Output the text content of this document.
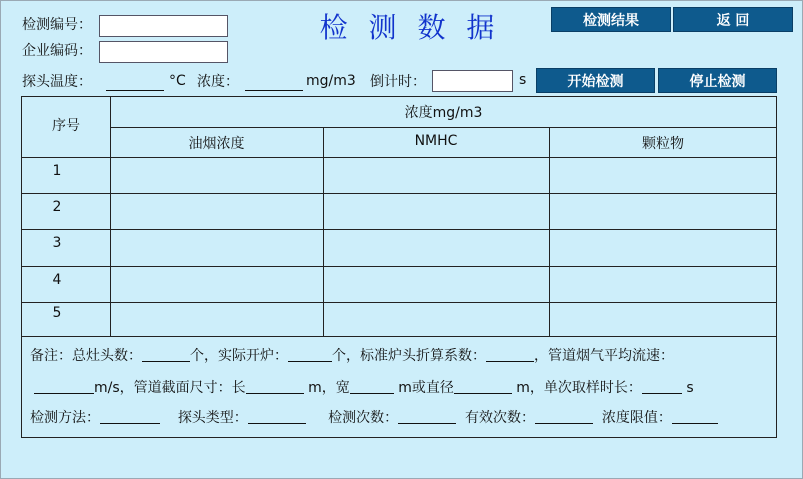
检测编号：
企业编码：
检 测 数 据	检测结果	返 回
探头温度：	°C 浓度：	mg/m3 倒计时：	s	开始检测	停止检测
序号
浓度mg/m3
油烟浓度	NMHC	颗粒物
1
2
3
4
5
备注：总灶头数：	个，实际开炉：	个，标准炉头折算系数：	，管道烟气平均流速：
m/s，管道截面尺寸：长	m，宽	m或直径	m，单次取样时长：	s
检测方法：	探头类型：	检测次数：	有效次数：	浓度限值：
